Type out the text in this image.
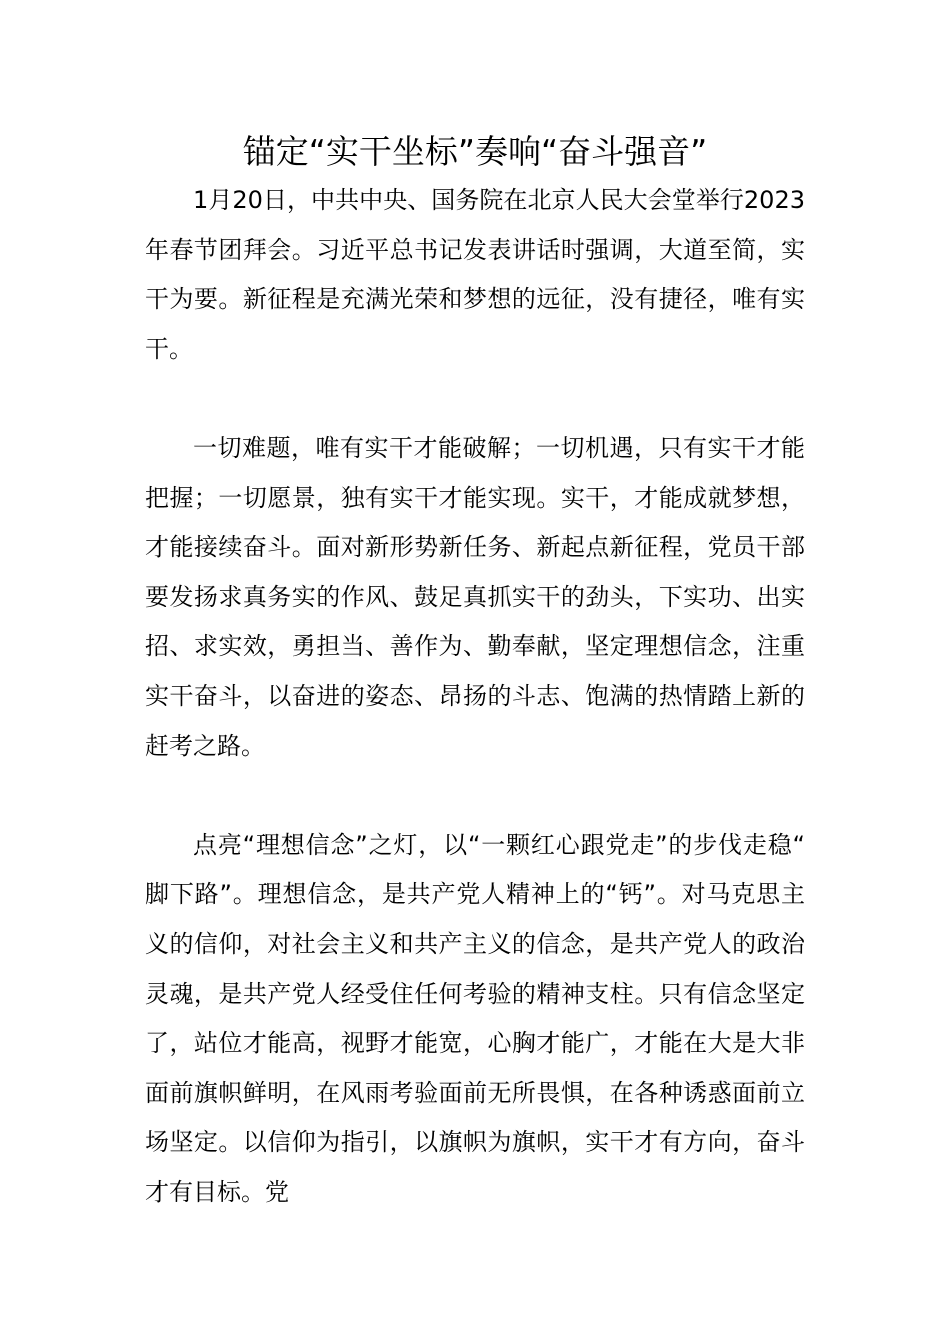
锚定“实干坐标”奏响“奋斗强音”

1月20日，中共中央、国务院在北京人民大会堂举行2023年春节团拜会。习近平总书记发表讲话时强调，大道至简，实干为要。新征程是充满光荣和梦想的远征，没有捷径，唯有实干。

一切难题，唯有实干才能破解；一切机遇，只有实干才能把握；一切愿景，独有实干才能实现。实干，才能成就梦想，才能接续奋斗。面对新形势新任务、新起点新征程，党员干部要发扬求真务实的作风、鼓足真抓实干的劲头，下实功、出实招、求实效，勇担当、善作为、勤奉献，坚定理想信念，注重实干奋斗，以奋进的姿态、昂扬的斗志、饱满的热情踏上新的赶考之路。

点亮“理想信念”之灯，以“一颗红心跟党走”的步伐走稳“脚下路”。理想信念，是共产党人精神上的“钙”。对马克思主义的信仰，对社会主义和共产主义的信念，是共产党人的政治灵魂，是共产党人经受住任何考验的精神支柱。只有信念坚定了，站位才能高，视野才能宽，心胸才能广，才能在大是大非面前旗帜鲜明，在风雨考验面前无所畏惧，在各种诱惑面前立场坚定。以信仰为指引，以旗帜为旗帜，实干才有方向，奋斗才有目标。党
